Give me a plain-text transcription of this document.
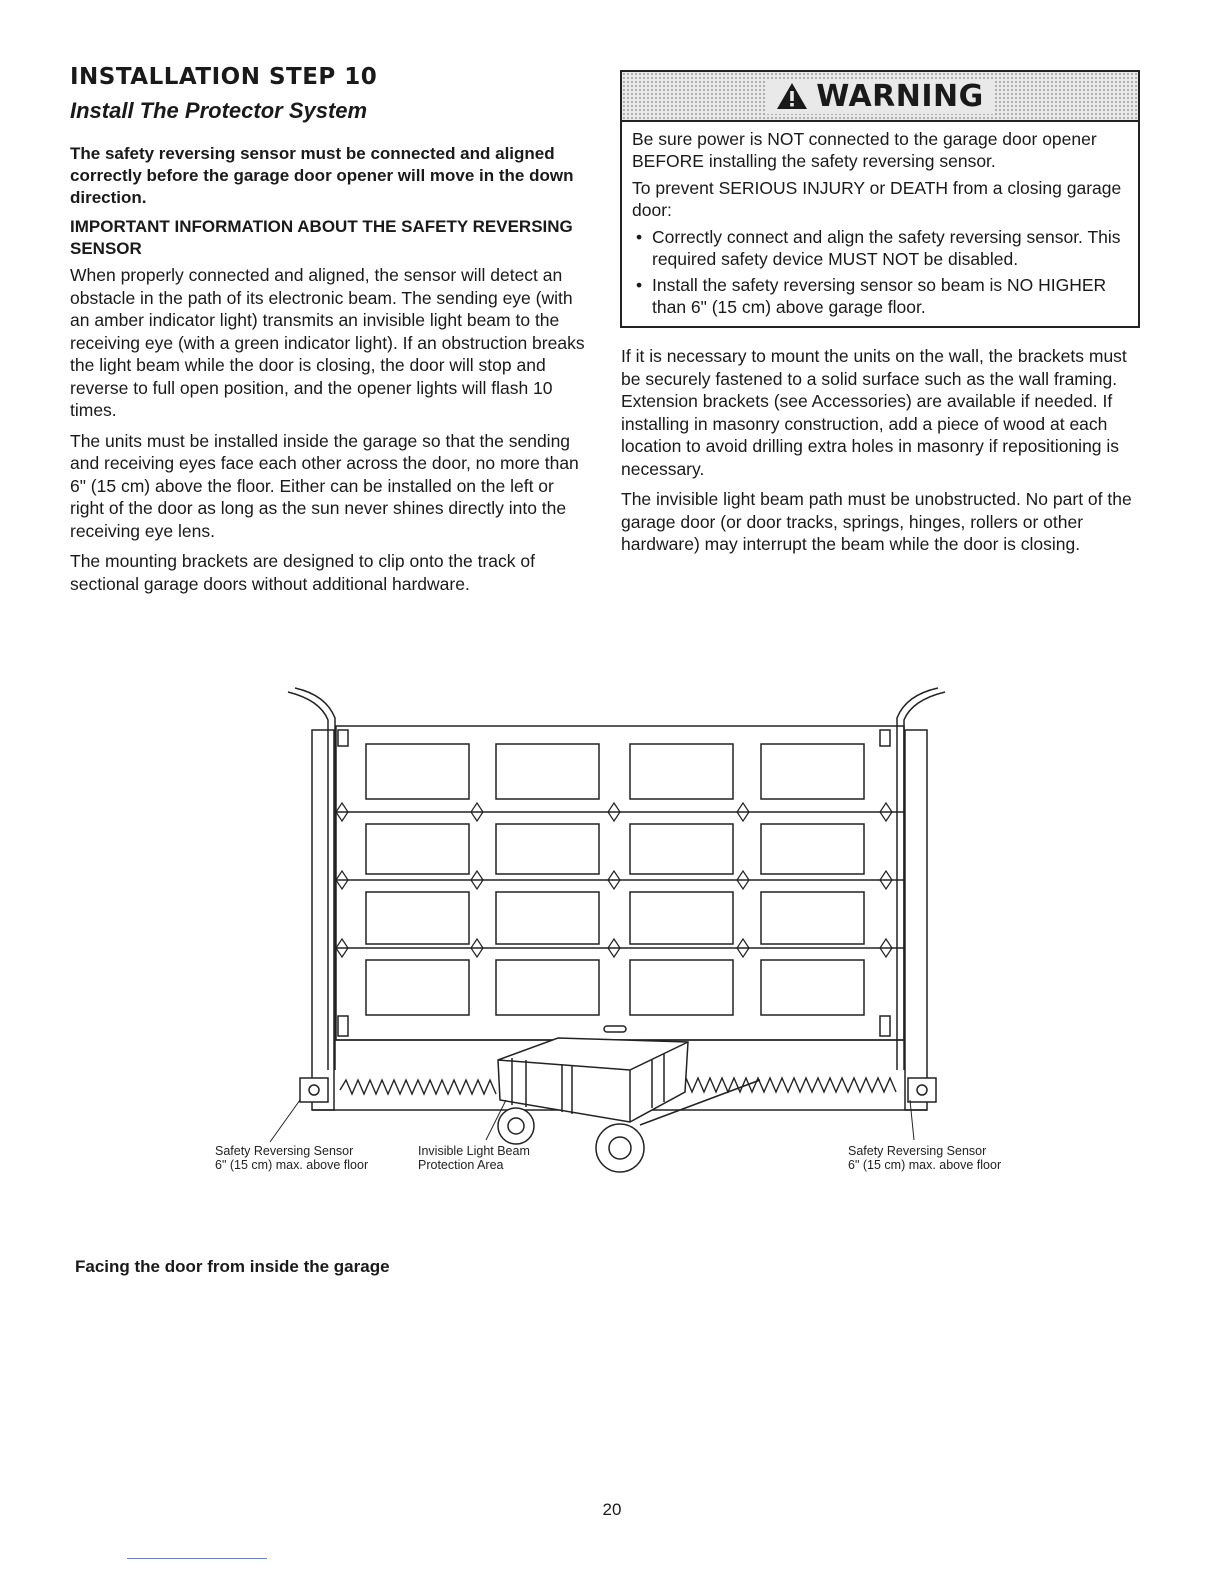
INSTALLATION STEP 10
Install The Protector System

The safety reversing sensor must be connected and aligned correctly before the garage door opener will move in the down direction.

IMPORTANT INFORMATION ABOUT THE SAFETY REVERSING SENSOR

When properly connected and aligned, the sensor will detect an obstacle in the path of its electronic beam. The sending eye (with an amber indicator light) transmits an invisible light beam to the receiving eye (with a green indicator light). If an obstruction breaks the light beam while the door is closing, the door will stop and reverse to full open position, and the opener lights will flash 10 times.

The units must be installed inside the garage so that the sending and receiving eyes face each other across the door, no more than 6" (15 cm) above the floor. Either can be installed on the left or right of the door as long as the sun never shines directly into the receiving eye lens.

The mounting brackets are designed to clip onto the track of sectional garage doors without additional hardware.

WARNING

Be sure power is NOT connected to the garage door opener BEFORE installing the safety reversing sensor.

To prevent SERIOUS INJURY or DEATH from a closing garage door:

• Correctly connect and align the safety reversing sensor. This required safety device MUST NOT be disabled.
• Install the safety reversing sensor so beam is NO HIGHER than 6" (15 cm) above garage floor.

If it is necessary to mount the units on the wall, the brackets must be securely fastened to a solid surface such as the wall framing. Extension brackets (see Accessories) are available if needed. If installing in masonry construction, add a piece of wood at each location to avoid drilling extra holes in masonry if repositioning is necessary.

The invisible light beam path must be unobstructed. No part of the garage door (or door tracks, springs, hinges, rollers or other hardware) may interrupt the beam while the door is closing.

Safety Reversing Sensor
6" (15 cm) max. above floor
Invisible Light Beam
Protection Area
Safety Reversing Sensor
6" (15 cm) max. above floor

Facing the door from inside the garage

20
